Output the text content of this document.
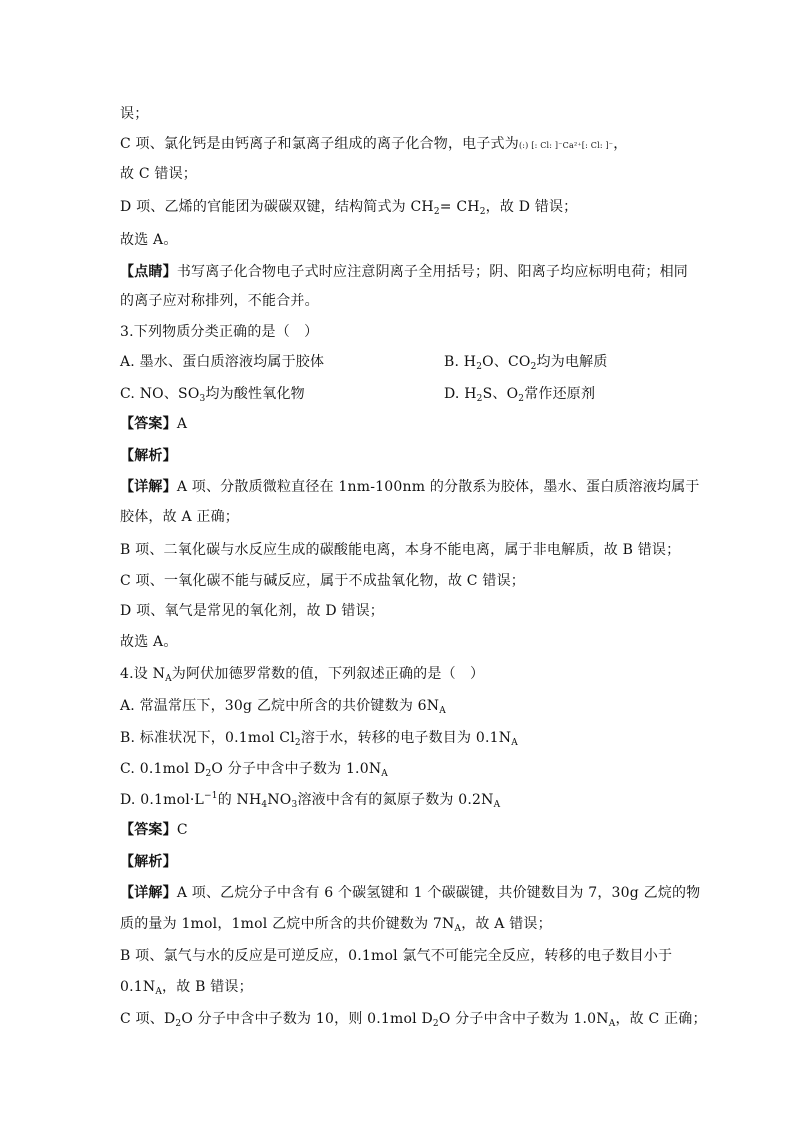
误；
C 项、氯化钙是由钙离子和氯离子组成的离子化合物，电子式为(:) [: Cl: ]⁻Ca²⁺[: Cl: ]⁻，
故 C 错误；
D 项、乙烯的官能团为碳碳双键，结构简式为 $CH_2= CH_2$，故 D 错误；
故选 A。
【点睛】书写离子化合物电子式时应注意阴离子全用括号；阴、阳离子均应标明电荷；相同
的离子应对称排列，不能合并。
3.下列物质分类正确的是（　）
A. 墨水、蛋白质溶液均属于胶体	B. $H_2O$、$CO_2$均为电解质
C. NO、$SO_3$均为酸性氧化物	D. $H_2S$、$O_2$常作还原剂
【答案】A
【解析】
【详解】A 项、分散质微粒直径在 1nm-100nm 的分散系为胶体，墨水、蛋白质溶液均属于
胶体，故 A 正确；
B 项、二氧化碳与水反应生成的碳酸能电离，本身不能电离，属于非电解质，故 B 错误；
C 项、一氧化碳不能与碱反应，属于不成盐氧化物，故 C 错误；
D 项、氧气是常见的氧化剂，故 D 错误；
故选 A。
4.设 $N_A$为阿伏加德罗常数的值，下列叙述正确的是（　）
A. 常温常压下，30g 乙烷中所含的共价键数为 $6N_A$
B. 标准状况下，0.1mol $Cl_2$溶于水，转移的电子数目为 $0.1N_A$
C. 0.1mol $D_2O$ 分子中含中子数为 $1.0N_A$
D. $0.1mol\cdot L^{-1}$的 $NH_4NO_3$溶液中含有的氮原子数为 $0.2N_A$
【答案】C
【解析】
【详解】A 项、乙烷分子中含有 6 个碳氢键和 1 个碳碳键，共价键数目为 7，30g 乙烷的物
质的量为 1mol，1mol 乙烷中所含的共价键数为 $7N_A$，故 A 错误；
B 项、氯气与水的反应是可逆反应，0.1mol 氯气不可能完全反应，转移的电子数目小于
$0.1N_A$，故 B 错误；
C 项、$D_2O$ 分子中含中子数为 10，则 0.1mol $D_2O$ 分子中含中子数为 $1.0N_A$，故 C 正确；
